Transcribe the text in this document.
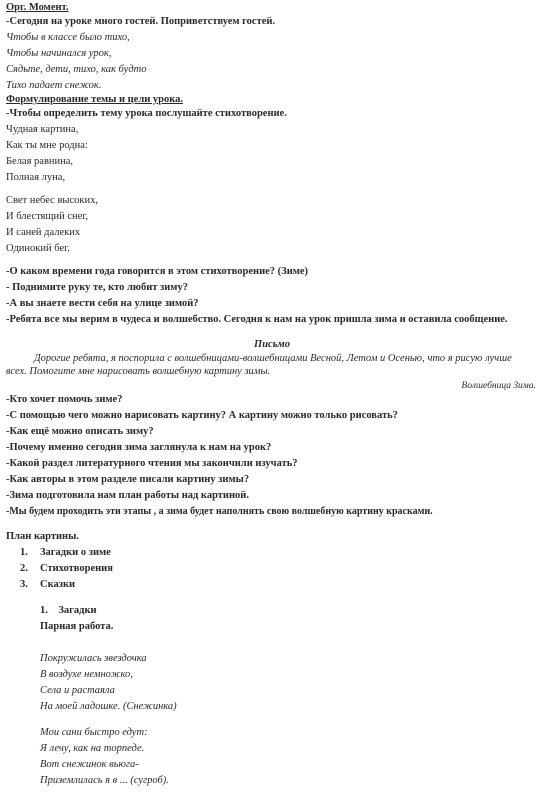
Орг. Момент.
-Сегодня на уроке много гостей. Поприветствуем гостей.
Чтобы в классе было тихо,
Чтобы начинался урок,
Сядьте, дети, тихо, как будто
Тихо падает снежок.
Формулирование темы и цели урока.
-Чтобы определить тему урока послушайте стихотворение.
Чудная картина,
Как ты мне родна:
Белая равнина,
Полная луна,
Свет небес высоких,
И блестящий снег,
И саней далеких
Одинокий бег.
-О каком времени года говорится в этом стихотворение? (Зиме)
- Поднимите руку те, кто любит зиму?
-А вы знаете вести себя на улице зимой?
-Ребята все мы верим в чудеса и волшебство. Сегодня к нам на урок пришла зима и оставила сообщение.
Письмо
Дорогие ребята, я поспорила с волшебницами-волшебницами Весной, Летом и Осенью, что я рисую лучше всех. Помогите мне нарисовать волшебную картину зимы.
Волшебница Зима.
-Кто хочет помочь зиме?
-С помощью чего можно нарисовать картину? А картину можно только рисовать?
-Как ещё можно описать зиму?
-Почему именно сегодня зима заглянула к нам на урок?
-Какой раздел литературного чтения мы закончили изучать?
-Как авторы в этом разделе писали картину зимы?
-Зима подготовила нам план работы над картиной.
-Мы будем проходить эти этапы , а зима будет наполнять свою волшебную картину красками.
План картины.
1. Загадки о зиме
2. Стихотворения
3. Сказки
1.    Загадки
Парная работа.
Покружилась звездочка
В воздухе немножко,
Села и растаяла
На моей ладошке. (Снежинка)
Мои сани быстро едут:
Я лечу, как на торпеде.
Вот снежинок вьюга-
Приземлилась я в ... (сугроб).
